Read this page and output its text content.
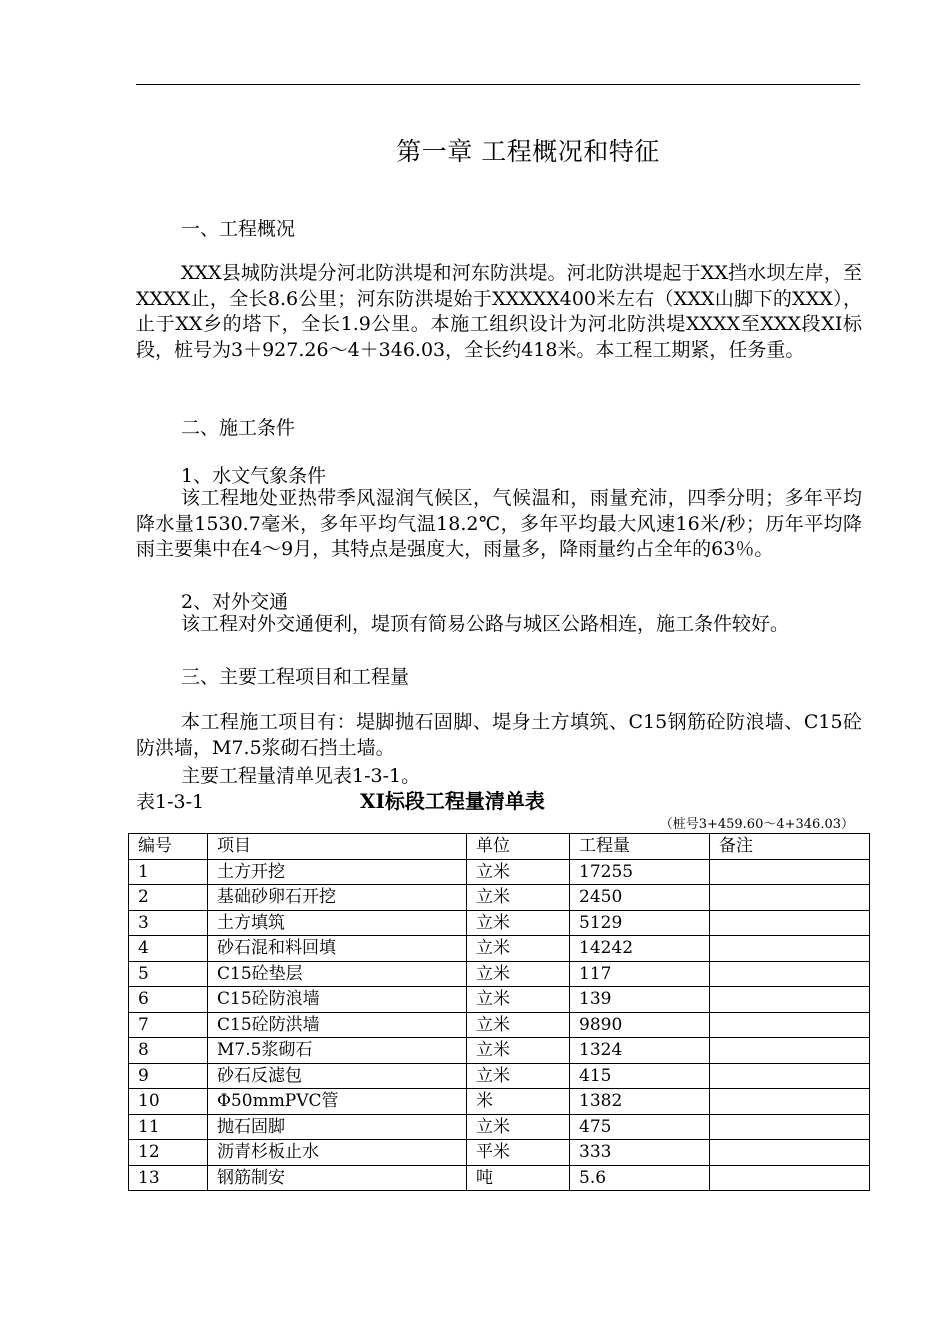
第一章 工程概况和特征
一、工程概况

XXX县城防洪堤分河北防洪堤和河东防洪堤。河北防洪堤起于XX挡水坝左岸，至XXXX止，全长8.6公里；河东防洪堤始于XXXXX400米左右（XXX山脚下的XXX），止于XX乡的塔下，全长1.9公里。本施工组织设计为河北防洪堤XXXX至XXX段XI标段，桩号为3＋927.26～4＋346.03，全长约418米。本工程工期紧，任务重。

二、施工条件
1、水文气象条件

该工程地处亚热带季风湿润气候区，气候温和，雨量充沛，四季分明；多年平均降水量1530.7毫米，多年平均气温18.2℃，多年平均最大风速16米/秒；历年平均降雨主要集中在4～9月，其特点是强度大，雨量多，降雨量约占全年的63％。

2、对外交通

该工程对外交通便利，堤顶有简易公路与城区公路相连，施工条件较好。

三、主要工程项目和工程量

本工程施工项目有：堤脚抛石固脚、堤身土方填筑、C15钢筋砼防浪墙、C15砼防洪墙，M7.5浆砌石挡土墙。

主要工程量清单见表1-3-1。
表1-3-1	XI标段工程量清单表
（桩号3+459.60～4+346.03）
编号	项目	单位	工程量	备注
1	土方开挖	立米	17255	
2	基础砂卵石开挖	立米	2450	
3	土方填筑	立米	5129	
4	砂石混和料回填	立米	14242	
5	C15砼垫层	立米	117	
6	C15砼防浪墙	立米	139	
7	C15砼防洪墙	立米	9890	
8	M7.5浆砌石	立米	1324	
9	砂石反滤包	立米	415	
10	Φ50mmPVC管	米	1382	
11	抛石固脚	立米	475	
12	沥青杉板止水	平米	333	
13	钢筋制安	吨	5.6	
